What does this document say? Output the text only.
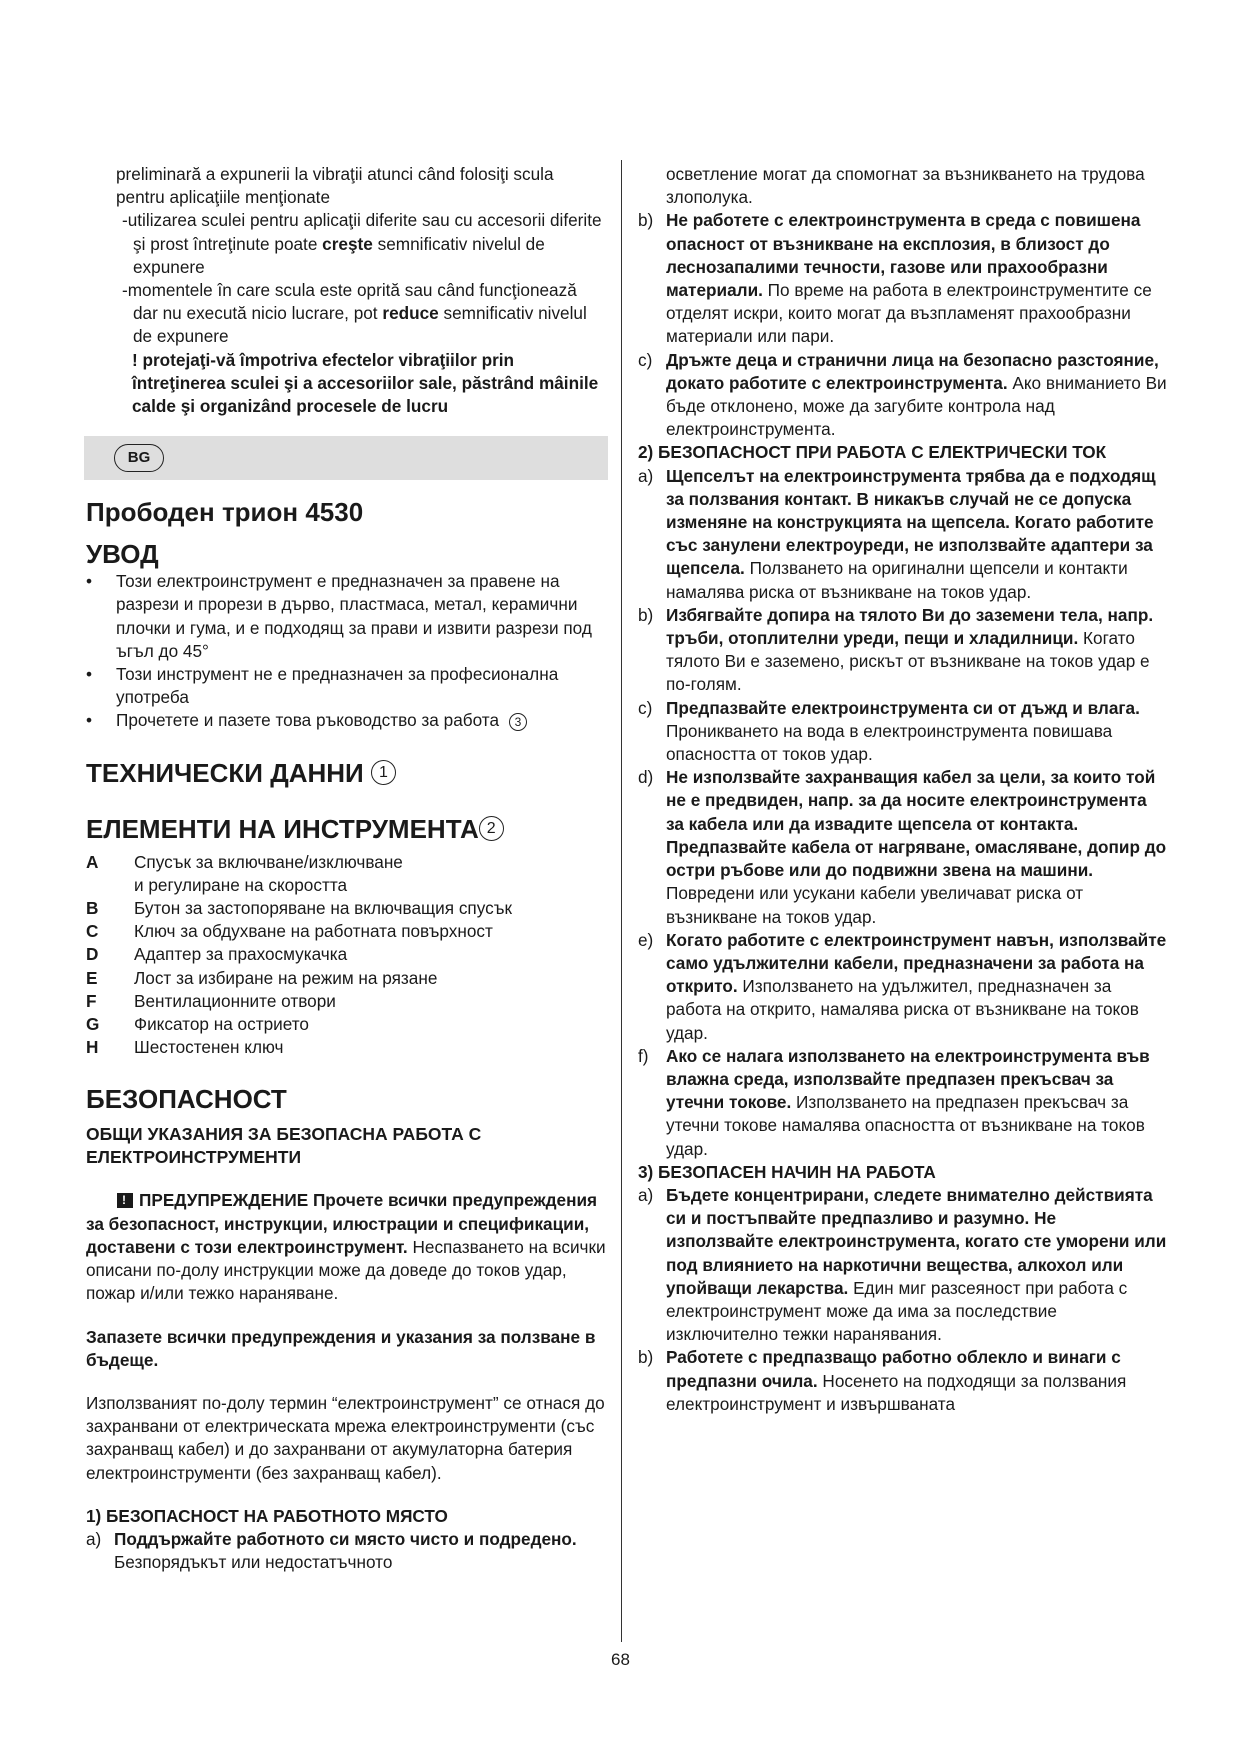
preliminară a expunerii la vibraţii atunci când folosiţi scula pentru aplicaţiile menţionate

-utilizarea sculei pentru aplicaţii diferite sau cu accesorii diferite şi prost întreţinute poate creşte semnificativ nivelul de expunere

-momentele în care scula este oprită sau când funcţionează dar nu execută nicio lucrare, pot reduce semnificativ nivelul de expunere

! protejaţi-vă împotriva efectelor vibraţiilor prin întreţinerea sculei şi a accesoriilor sale, păstrând mâinile calde şi organizând procesele de lucru

BG
Прободен трион 4530
УВОД
• Този електроинструмент е предназначен за правене на разрези и прорези в дърво, пластмаса, метал, керамични плочки и гума, и е подходящ за прави и извити разрези под ъгъл до 45°
• Този инструмент не е предназначен за професионална употреба
• Прочетете и пазете това ръководство за работа 3
ТЕХНИЧЕСКИ ДАННИ 1
ЕЛЕМЕНТИ НА ИНСТРУМЕНТА 2
A	Спусък за включване/изключване
и регулиране на скоростта
B	Бутон за застопоряване на включващия спусък
C	Ключ за обдухване на работната повърхност
D	Адаптер за прахосмукачка
E	Лост за избиране на режим на рязане
F	Вентилационните отвори
G	Фиксатор на острието
H	Шестостенен ключ
БЕЗОПАСНОСТ
ОБЩИ УКАЗАНИЯ ЗА БЕЗОПАСНА РАБОТА С ЕЛЕКТРОИНСТРУМЕНТИ

!ПРЕДУПРЕЖДЕНИЕ Прочете всички предупреждения за безопасност, инструкции, илюстрации и спецификации, доставени с този електроинструмент. Неспазването на всички описани по-долу инструкции може да доведе до токов удар, пожар и/или тежко нараняване.

Запазете всички предупреждения и указания за ползване в бъдеще.

Използваният по-долу термин “електроинструмент” се отнася до захранвани от електрическата мрежа електроинструменти (със захранващ кабел) и до захранвани от акумулаторна батерия електроинструменти (без захранващ кабел).

1) БЕЗОПАСНОСТ НА РАБОТНОТО МЯСТО

a) Поддържайте работното си място чисто и подредено. Безпорядъкът или недостатъчното

осветление могат да спомогнат за възникването на трудова злополука.

b) Не работете с електроинструмента в среда с повишена опасност от възникване на експлозия, в близост до леснозапалими течности, газове или прахообразни материали. По време на работа в електроинструментите се отделят искри, които могат да възпламенят прахообразни материали или пари.
c) Дръжте деца и странични лица на безопасно разстояние, докато работите с електроинструмента. Ако вниманието Ви бъде отклонено, може да загубите контрола над електроинструмента.

2) БЕЗОПАСНОСТ ПРИ РАБОТА С ЕЛЕКТРИЧЕСКИ ТОК

a) Щепселът на електроинструмента трябва да е подходящ за ползвания контакт. В никакъв случай не се допуска изменяне на конструкцията на щепсела. Когато работите със занулени електроуреди, не използвайте адаптери за щепсела. Ползването на оригинални щепсели и контакти намалява риска от възникване на токов удар.
b) Избягвайте допира на тялото Ви до заземени тела, напр. тръби, отоплителни уреди, пещи и хладилници. Когато тялото Ви е заземено, рискът от възникване на токов удар е по-голям.
c) Предпазвайте електроинструмента си от дъжд и влага. Проникването на вода в електроинструмента повишава опасността от токов удар.
d) Не използвайте захранващия кабел за цели, за които той не е предвиден, напр. за да носите електроинструмента за кабела или да извадите щепсела от контакта. Предпазвайте кабела от нагряване, омасляване, допир до остри ръбове или до подвижни звена на машини. Повредени или усукани кабели увеличават риска от възникване на токов удар.
e) Когато работите с електроинструмент навън, използвайте само удължителни кабели, предназначени за работа на открито. Използването на удължител, предназначен за работа на открито, намалява риска от възникване на токов удар.
f) Ако се налага използването на електроинструмента във влажна среда, използвайте предпазен прекъсвач за утечни токове. Използването на предпазен прекъсвач за утечни токове намалява опасността от възникване на токов удар.

3) БЕЗОПАСЕН НАЧИН НА РАБОТА

a) Бъдете концентрирани, следете внимателно действията си и постъпвайте предпазливо и разумно. Не използвайте електроинструмента, когато сте уморени или под влиянието на наркотични вещества, алкохол или упойващи лекарства. Един миг разсеяност при работа с електроинструмент може да има за последствие изключително тежки наранявания.
b) Работете с предпазващо работно облекло и винаги с предпазни очила. Носенето на подходящи за ползвания електроинструмент и извършваната
68
